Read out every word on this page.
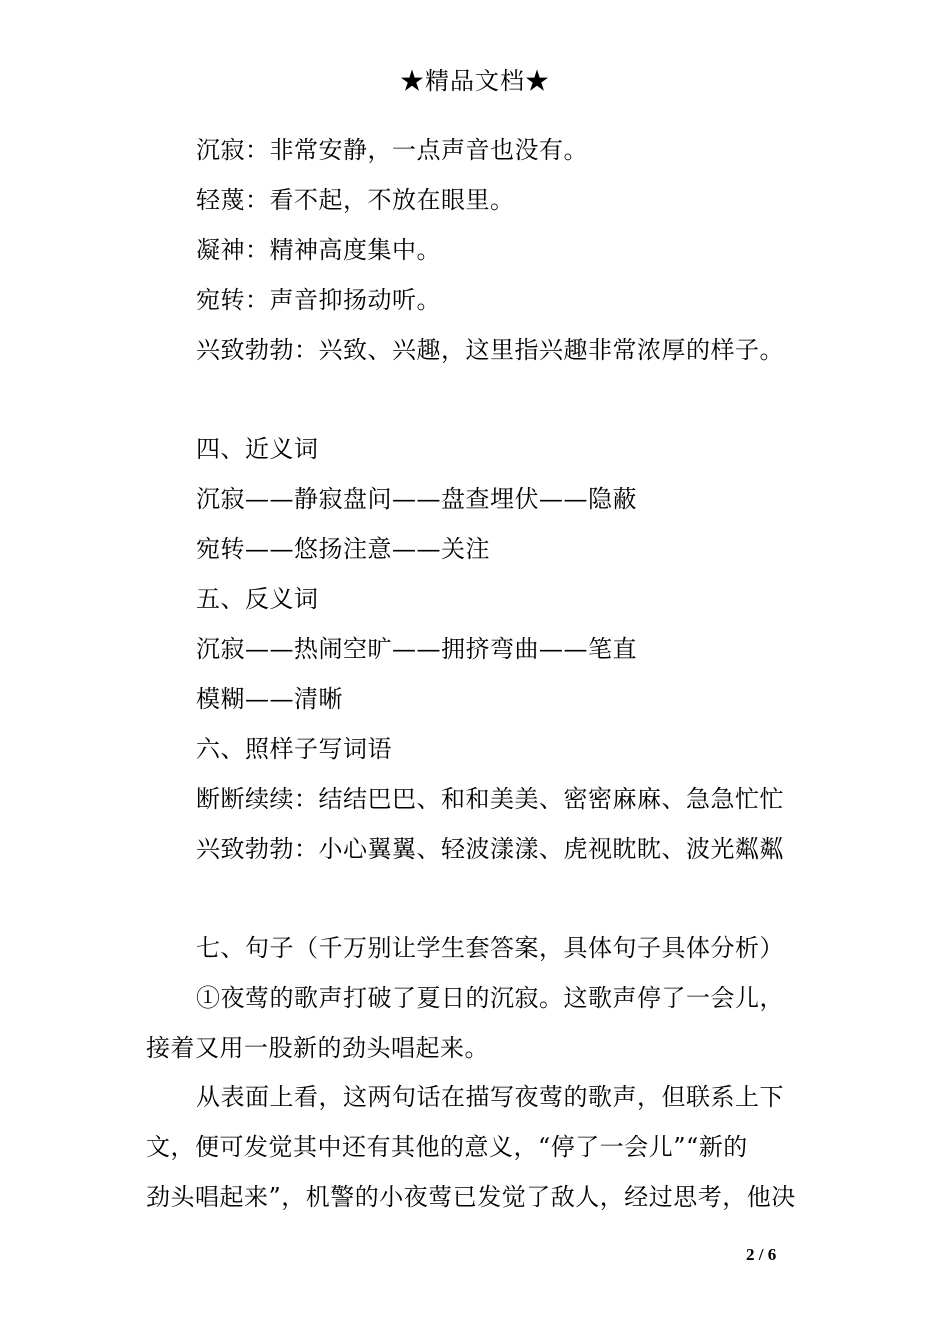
★精品文档★
沉寂：非常安静，一点声音也没有。
轻蔑：看不起，不放在眼里。
凝神：精神高度集中。
宛转：声音抑扬动听。
兴致勃勃：兴致、兴趣，这里指兴趣非常浓厚的样子。
四、近义词
沉寂——静寂盘问——盘查埋伏——隐蔽
宛转——悠扬注意——关注
五、反义词
沉寂——热闹空旷——拥挤弯曲——笔直
模糊——清晰
六、照样子写词语
断断续续：结结巴巴、和和美美、密密麻麻、急急忙忙
兴致勃勃：小心翼翼、轻波漾漾、虎视眈眈、波光粼粼
七、句子（千万别让学生套答案，具体句子具体分析）
①夜莺的歌声打破了夏日的沉寂。这歌声停了一会儿，
接着又用一股新的劲头唱起来。
从表面上看，这两句话在描写夜莺的歌声，但联系上下
文，便可发觉其中还有其他的意义，“停了一会儿”“新的
劲头唱起来”，机警的小夜莺已发觉了敌人，经过思考，他决
2 / 6
